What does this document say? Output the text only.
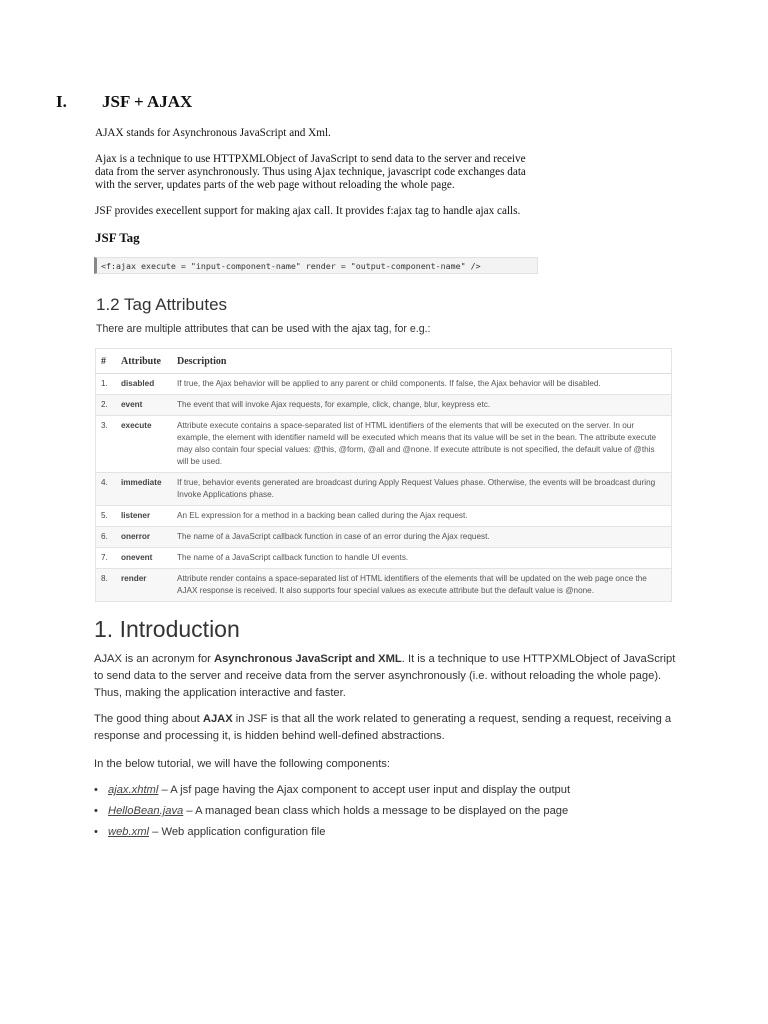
I. JSF + AJAX

AJAX stands for Asynchronous JavaScript and Xml.

Ajax is a technique to use HTTPXMLObject of JavaScript to send data to the server and receive data from the server asynchronously. Thus using Ajax technique, javascript code exchanges data with the server, updates parts of the web page without reloading the whole page.

JSF provides execellent support for making ajax call. It provides f:ajax tag to handle ajax calls.

JSF Tag
<f:ajax execute = "input-component-name" render = "output-component-name" />
1.2 Tag Attributes

There are multiple attributes that can be used with the ajax tag, for e.g.:

#	Attribute	Description
1.	disabled	If true, the Ajax behavior will be applied to any parent or child components. If false, the Ajax behavior will be disabled.
2.	event	The event that will invoke Ajax requests, for example, click, change, blur, keypress etc.
3.	execute	Attribute execute contains a space-separated list of HTML identifiers of the elements that will be executed on the server. In our example, the element with identifier nameId will be executed which means that its value will be set in the bean. The attribute execute may also contain four special values: @this, @form, @all and @none. If execute attribute is not specified, the default value of @this will be used.
4.	immediate	If true, behavior events generated are broadcast during Apply Request Values phase. Otherwise, the events will be broadcast during Invoke Applications phase.
5.	listener	An EL expression for a method in a backing bean called during the Ajax request.
6.	onerror	The name of a JavaScript callback function in case of an error during the Ajax request.
7.	onevent	The name of a JavaScript callback function to handle UI events.
8.	render	Attribute render contains a space-separated list of HTML identifiers of the elements that will be updated on the web page once the AJAX response is received. It also supports four special values as execute attribute but the default value is @none.
1. Introduction

AJAX is an acronym for Asynchronous JavaScript and XML. It is a technique to use HTTPXMLObject of JavaScript to send data to the server and receive data from the server asynchronously (i.e. without reloading the whole page). Thus, making the application interactive and faster.

The good thing about AJAX in JSF is that all the work related to generating a request, sending a request, receiving a response and processing it, is hidden behind well-defined abstractions.

In the below tutorial, we will have the following components:

• ajax.xhtml – A jsf page having the Ajax component to accept user input and display the output
• HelloBean.java – A managed bean class which holds a message to be displayed on the page
• web.xml – Web application configuration file
